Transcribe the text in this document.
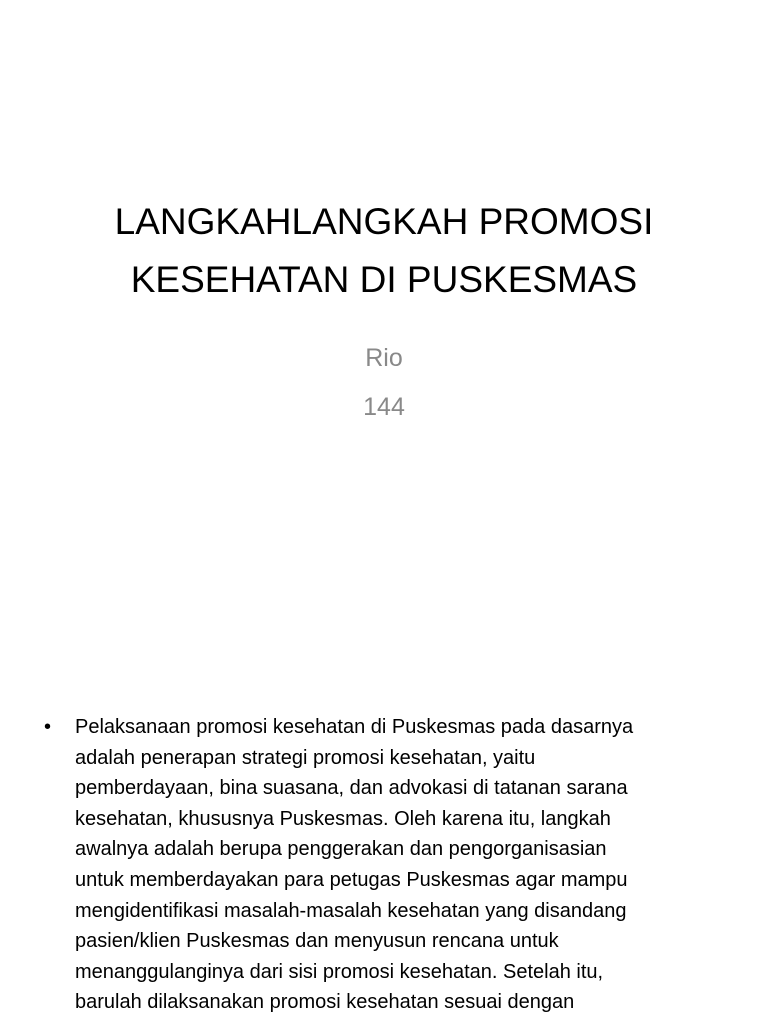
LANGKAHLANGKAH PROMOSI
KESEHATAN DI PUSKESMAS
Rio
144
• Pelaksanaan promosi kesehatan di Puskesmas pada dasarnya
adalah penerapan strategi promosi kesehatan, yaitu
pemberdayaan, bina suasana, dan advokasi di tatanan sarana
kesehatan, khususnya Puskesmas. Oleh karena itu, langkah
awalnya adalah berupa penggerakan dan pengorganisasian
untuk memberdayakan para petugas Puskesmas agar mampu
mengidentifikasi masalah-masalah kesehatan yang disandang
pasien/klien Puskesmas dan menyusun rencana untuk
menanggulanginya dari sisi promosi kesehatan. Setelah itu,
barulah dilaksanakan promosi kesehatan sesuai dengan
